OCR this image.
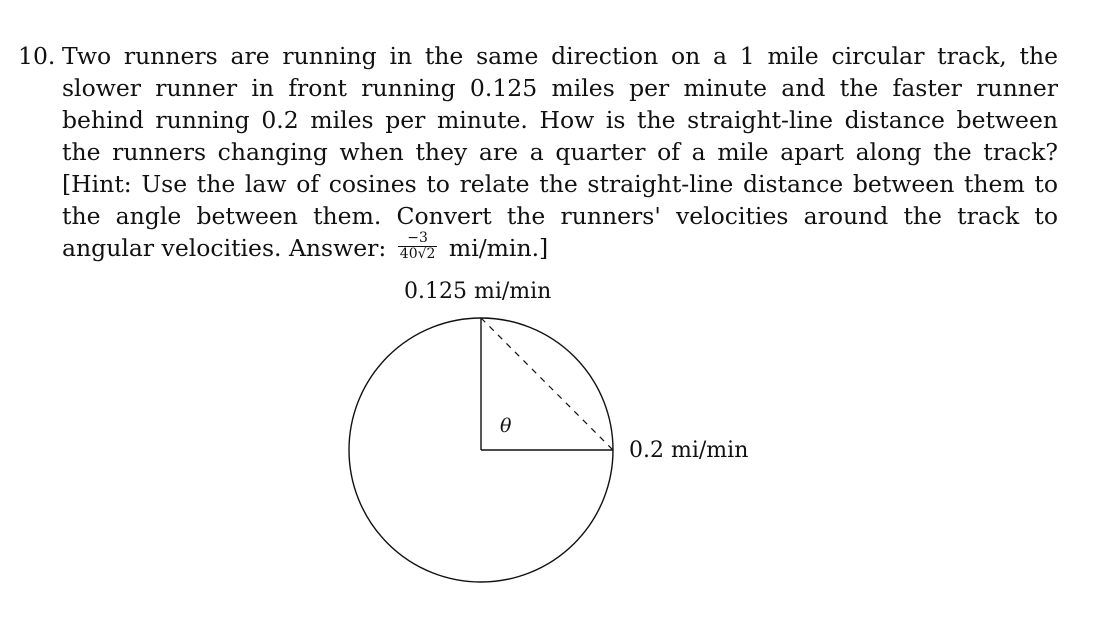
10. Two runners are running in the same direction on a 1 mile circular track, the slower runner in front running 0.125 miles per minute and the faster runner behind running 0.2 miles per minute. How is the straight-line distance between the runners changing when they are a quarter of a mile apart along the track? [Hint: Use the law of cosines to relate the straight-line distance between them to the angle between them. Convert the runners' velocities around the track to angular velocities. Answer: $\frac{-3}{40√2} mi/\min$.]
0.125 mi/min
0.2 mi/min
θ
